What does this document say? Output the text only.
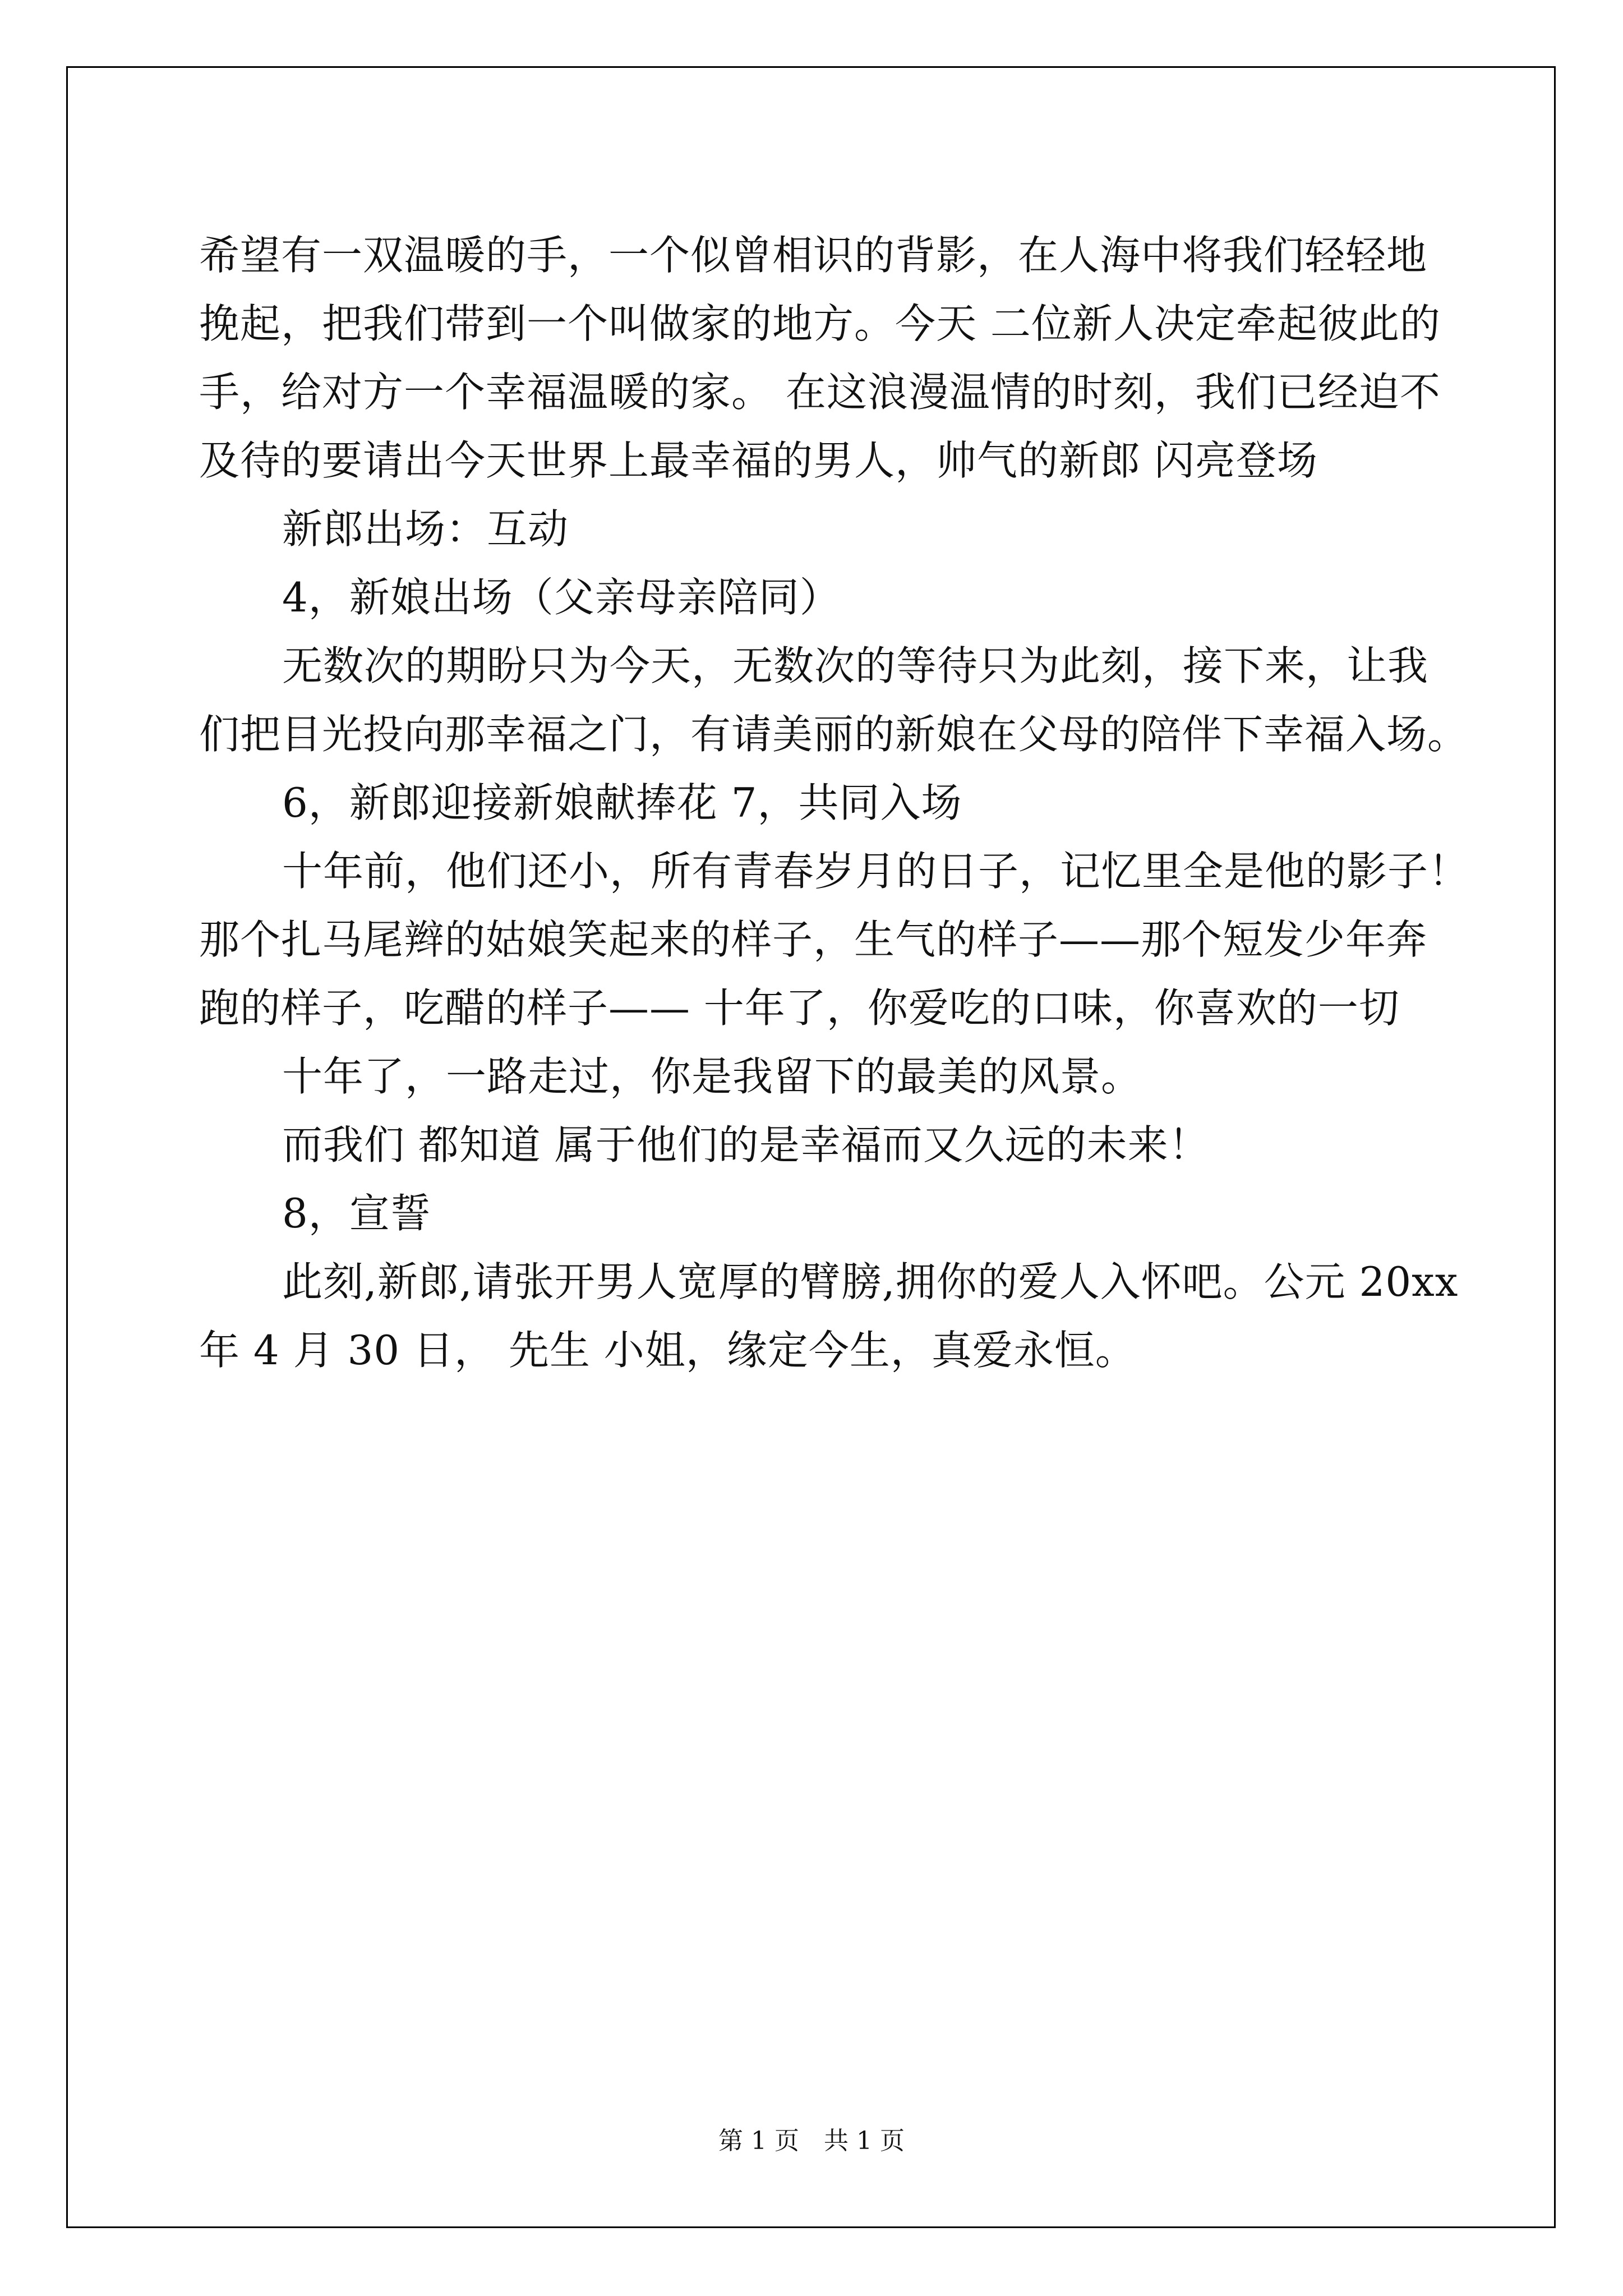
希望有一双温暖的手，一个似曾相识的背影，在人海中将我们轻轻地
挽起，把我们带到一个叫做家的地方。今天 二位新人决定牵起彼此的
手，给对方一个幸福温暖的家。 在这浪漫温情的时刻，我们已经迫不
及待的要请出今天世界上最幸福的男人，帅气的新郎 闪亮登场
新郎出场：互动
4，新娘出场（父亲母亲陪同）
无数次的期盼只为今天，无数次的等待只为此刻，接下来，让我
们把目光投向那幸福之门，有请美丽的新娘在父母的陪伴下幸福入场。
6，新郎迎接新娘献捧花 7，共同入场
十年前，他们还小，所有青春岁月的日子，记忆里全是他的影子！
那个扎马尾辫的姑娘笑起来的样子，生气的样子——那个短发少年奔
跑的样子，吃醋的样子—— 十年了，你爱吃的口味，你喜欢的一切
十年了，一路走过，你是我留下的最美的风景。
而我们 都知道 属于他们的是幸福而又久远的未来！
8，宣誓
此刻,新郎,请张开男人宽厚的臂膀,拥你的爱人入怀吧。公元 20xx
年 4 月 30 日， 先生 小姐，缘定今生，真爱永恒。
第 1 页　共 1 页
